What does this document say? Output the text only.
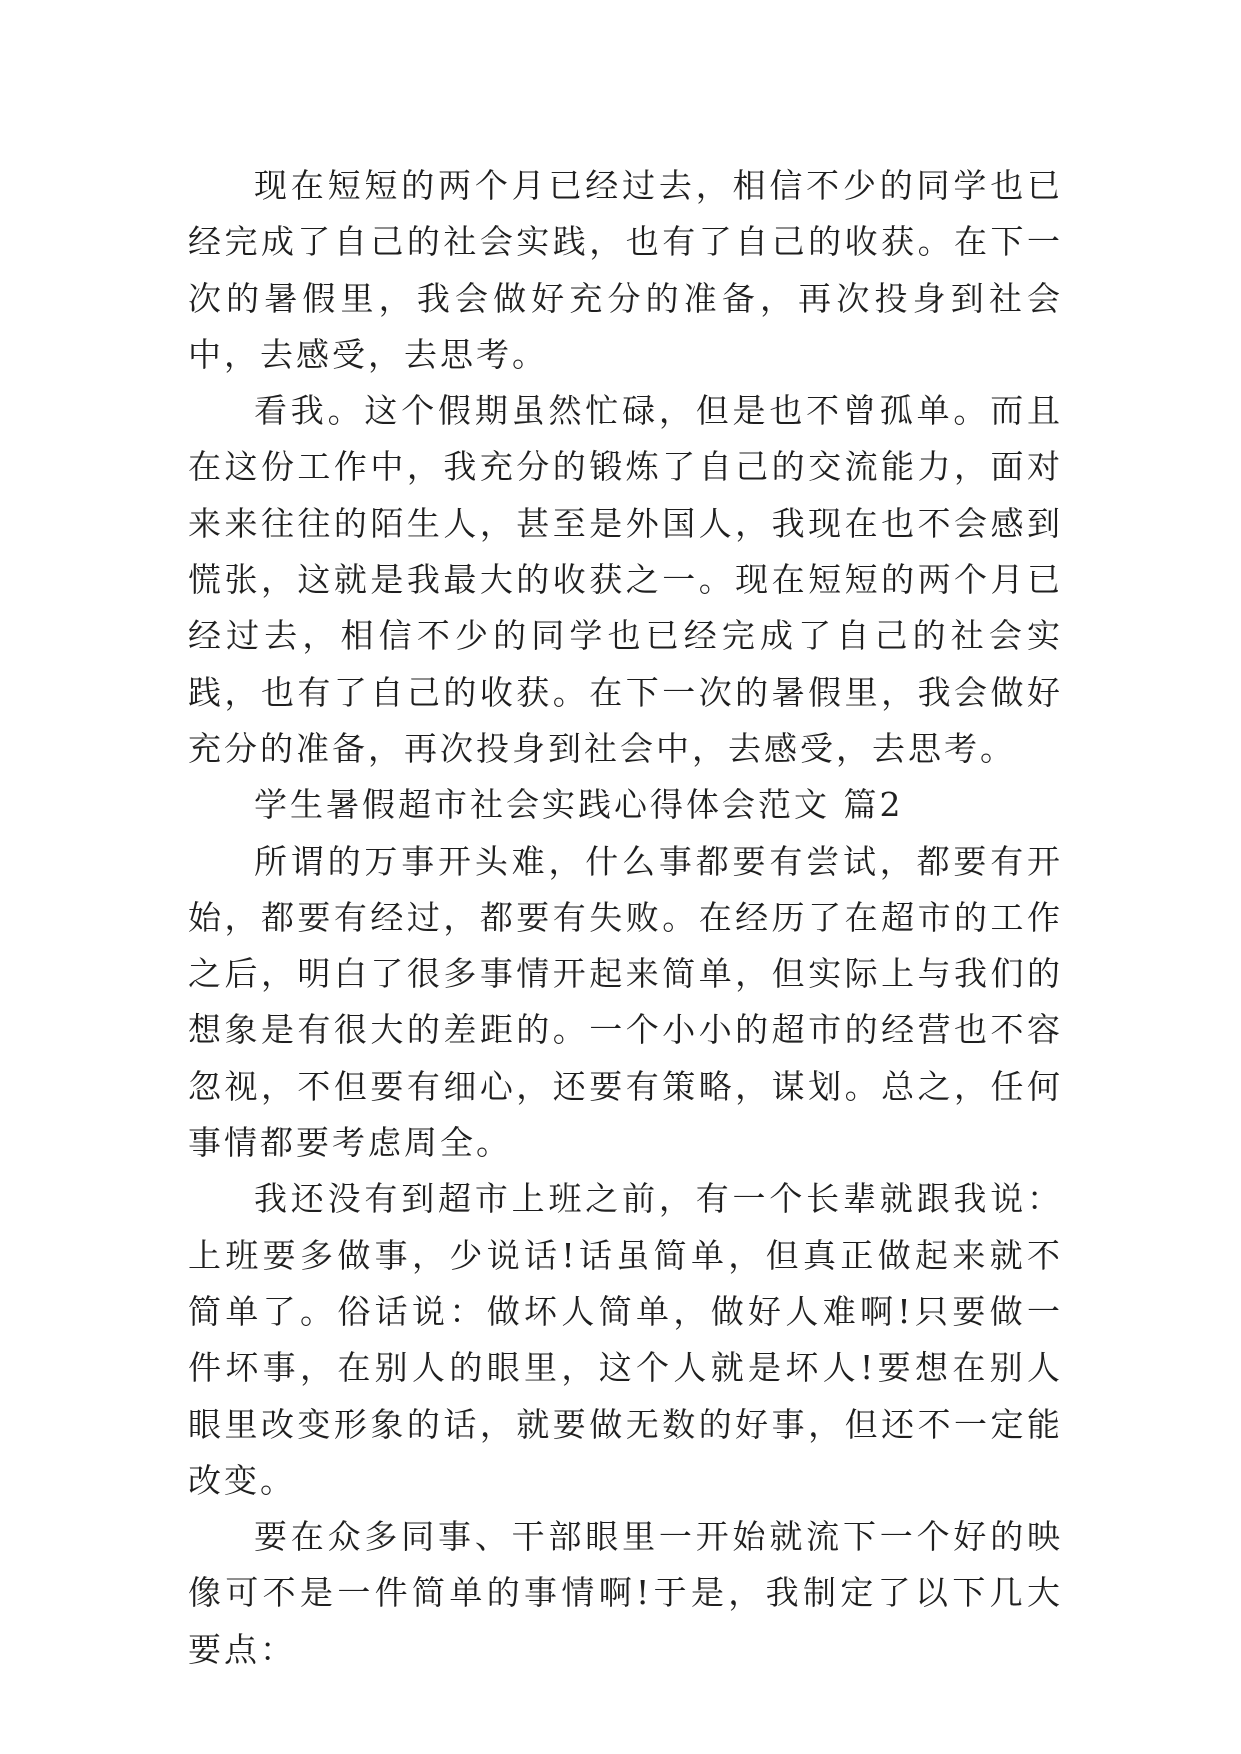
现在短短的两个月已经过去，相信不少的同学也已经完成了自己的社会实践，也有了自己的收获。在下一次的暑假里，我会做好充分的准备，再次投身到社会中，去感受，去思考。

看我。这个假期虽然忙碌，但是也不曾孤单。而且在这份工作中，我充分的锻炼了自己的交流能力，面对来来往往的陌生人，甚至是外国人，我现在也不会感到慌张，这就是我最大的收获之一。现在短短的两个月已经过去，相信不少的同学也已经完成了自己的社会实践，也有了自己的收获。在下一次的暑假里，我会做好充分的准备，再次投身到社会中，去感受，去思考。

学生暑假超市社会实践心得体会范文 篇2

所谓的万事开头难，什么事都要有尝试，都要有开始，都要有经过，都要有失败。在经历了在超市的工作之后，明白了很多事情开起来简单，但实际上与我们的想象是有很大的差距的。一个小小的超市的经营也不容忽视，不但要有细心，还要有策略，谋划。总之，任何事情都要考虑周全。

我还没有到超市上班之前，有一个长辈就跟我说：上班要多做事，少说话!话虽简单，但真正做起来就不简单了。俗话说：做坏人简单，做好人难啊!只要做一件坏事，在别人的眼里，这个人就是坏人!要想在别人眼里改变形象的话，就要做无数的好事，但还不一定能改变。

要在众多同事、干部眼里一开始就流下一个好的映像可不是一件简单的事情啊!于是，我制定了以下几大要点：
